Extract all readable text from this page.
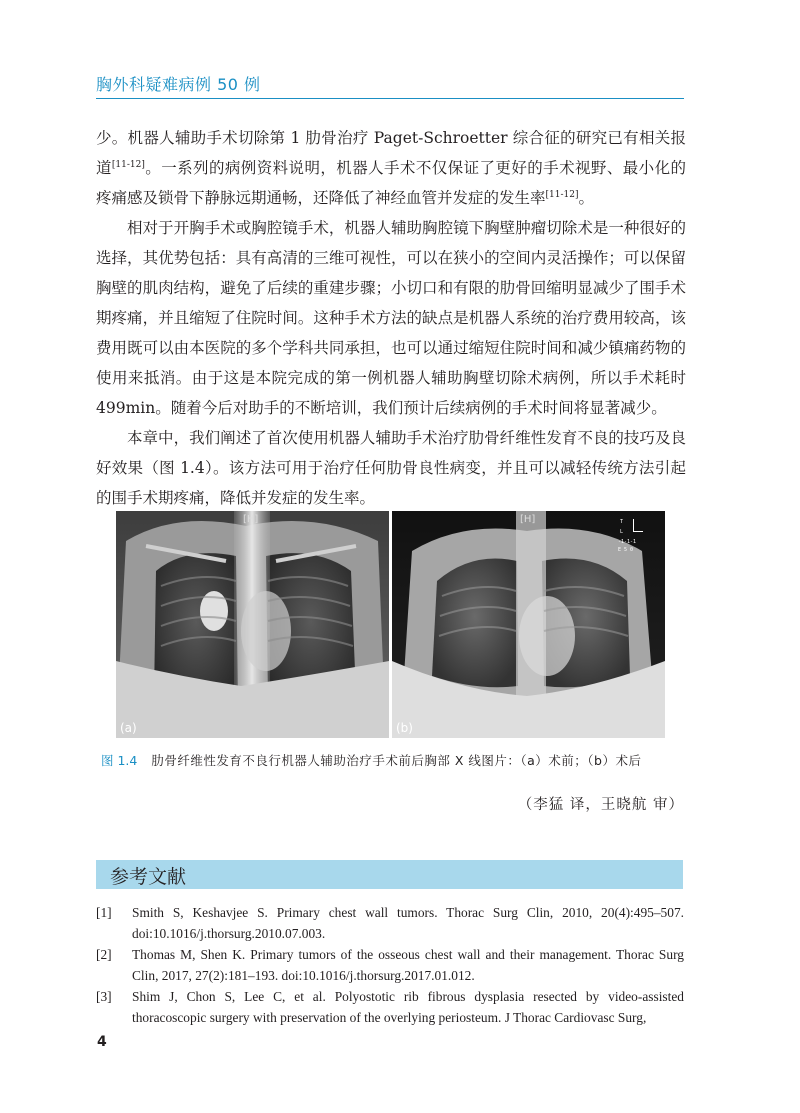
胸外科疑难病例 50 例

少。机器人辅助手术切除第 1 肋骨治疗 Paget-Schroetter 综合征的研究已有相关报道[11-12]。一系列的病例资料说明，机器人手术不仅保证了更好的手术视野、最小化的疼痛感及锁骨下静脉远期通畅，还降低了神经血管并发症的发生率[11-12]。

相对于开胸手术或胸腔镜手术，机器人辅助胸腔镜下胸壁肿瘤切除术是一种很好的选择，其优势包括：具有高清的三维可视性，可以在狭小的空间内灵活操作；可以保留胸壁的肌肉结构，避免了后续的重建步骤；小切口和有限的肋骨回缩明显减少了围手术期疼痛，并且缩短了住院时间。这种手术方法的缺点是机器人系统的治疗费用较高，该费用既可以由本医院的多个学科共同承担，也可以通过缩短住院时间和减少镇痛药物的使用来抵消。由于这是本院完成的第一例机器人辅助胸壁切除术病例，所以手术耗时 499min。随着今后对助手的不断培训，我们预计后续病例的手术时间将显著减少。

本章中，我们阐述了首次使用机器人辅助手术治疗肋骨纤维性发育不良的技巧及良好效果（图 1.4）。该方法可用于治疗任何肋骨良性病变，并且可以减轻传统方法引起的围手术期疼痛，降低并发症的发生率。

[H]
(a)
T
L
-1-1-1
E 5 0
[H]
(b)
图 1.4 肋骨纤维性发育不良行机器人辅助治疗手术前后胸部 X 线图片：（a）术前；（b）术后
（李猛 译，王晓航 审）
参考文献
[1]	Smith S, Keshavjee S. Primary chest wall tumors. Thorac Surg Clin, 2010, 20(4):495–507. doi:10.1016/j.thorsurg.2010.07.003.
[2]	Thomas M, Shen K. Primary tumors of the osseous chest wall and their management. Thorac Surg Clin, 2017, 27(2):181–193. doi:10.1016/j.thorsurg.2017.01.012.
[3]	Shim J, Chon S, Lee C, et al. Polyostotic rib fibrous dysplasia resected by video-assisted thoracoscopic surgery with preservation of the overlying periosteum. J Thorac Cardiovasc Surg,
4
